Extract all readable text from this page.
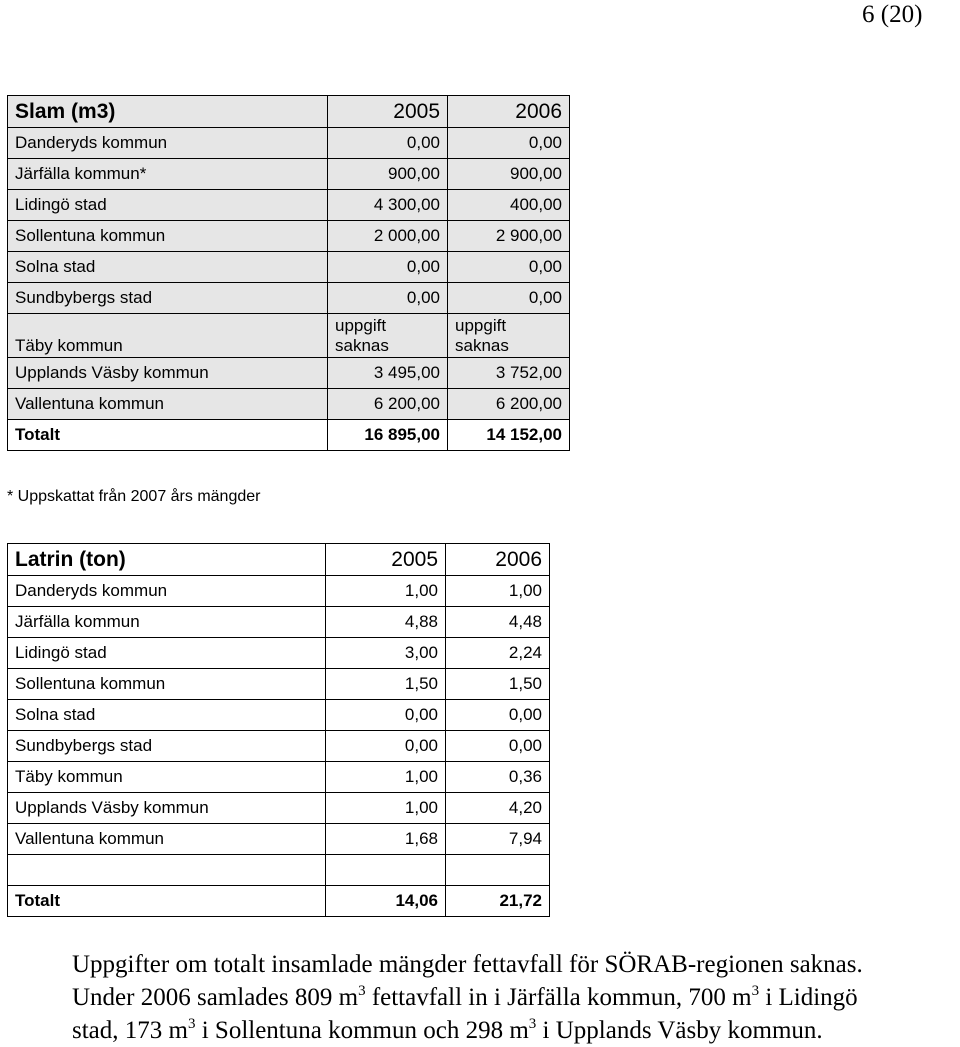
6 (20)
Slam (m3)	2005	2006
Danderyds kommun	0,00	0,00
Järfälla kommun*	900,00	900,00
Lidingö stad	4 300,00	400,00
Sollentuna kommun	2 000,00	2 900,00
Solna stad	0,00	0,00
Sundbybergs stad	0,00	0,00
Täby kommun	uppgift saknas	uppgift saknas
Upplands Väsby kommun	3 495,00	3 752,00
Vallentuna kommun	6 200,00	6 200,00
Totalt	16 895,00	14 152,00
* Uppskattat från 2007 års mängder
Latrin (ton)	2005	2006
Danderyds kommun	1,00	1,00
Järfälla kommun	4,88	4,48
Lidingö stad	3,00	2,24
Sollentuna kommun	1,50	1,50
Solna stad	0,00	0,00
Sundbybergs stad	0,00	0,00
Täby kommun	1,00	0,36
Upplands Väsby kommun	1,00	4,20
Vallentuna kommun	1,68	7,94

Totalt	14,06	21,72

Uppgifter om totalt insamlade mängder fettavfall för SÖRAB-regionen saknas.
Under 2006 samlades 809 $m^3$ fettavfall in i Järfälla kommun, 700 $m^3$ i Lidingö
stad, 173 $m^3$ i Sollentuna kommun och 298 $m^3$ i Upplands Väsby kommun.
